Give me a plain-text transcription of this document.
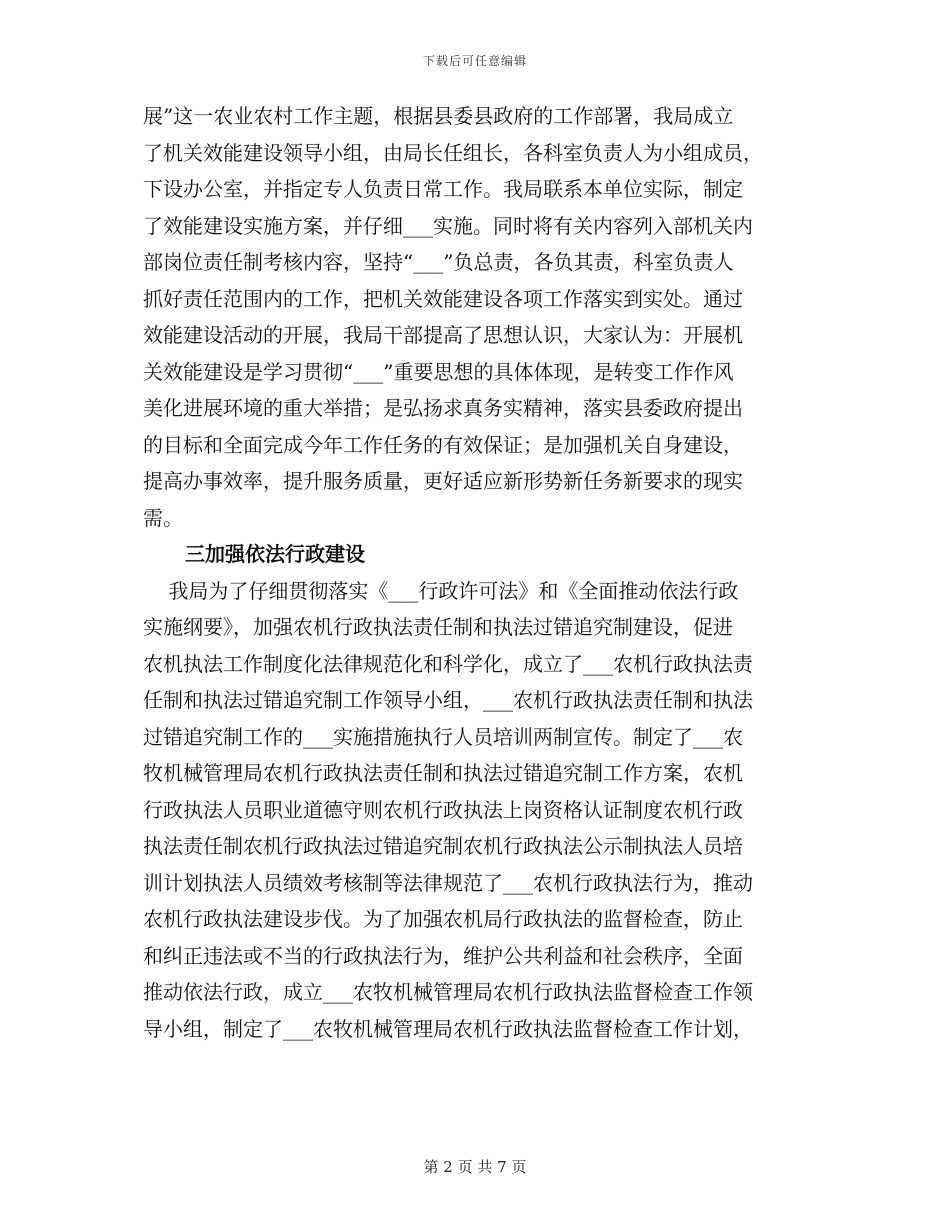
下载后可任意编辑
展”这一农业农村工作主题，根据县委县政府的工作部署，我局成立
了机关效能建设领导小组，由局长任组长，各科室负责人为小组成员，
下设办公室，并指定专人负责日常工作。我局联系本单位实际，制定
了效能建设实施方案，并仔细___实施。同时将有关内容列入部机关内
部岗位责任制考核内容，坚持“___”负总责，各负其责，科室负责人
抓好责任范围内的工作，把机关效能建设各项工作落实到实处。通过
效能建设活动的开展，我局干部提高了思想认识，大家认为：开展机
关效能建设是学习贯彻“___”重要思想的具体体现，是转变工作作风
美化进展环境的重大举措；是弘扬求真务实精神，落实县委政府提出
的目标和全面完成今年工作任务的有效保证；是加强机关自身建设，
提高办事效率，提升服务质量，更好适应新形势新任务新要求的现实
需。
三加强依法行政建设
我局为了仔细贯彻落实《___行政许可法》和《全面推动依法行政
实施纲要》，加强农机行政执法责任制和执法过错追究制建设，促进
农机执法工作制度化法律规范化和科学化，成立了___农机行政执法责
任制和执法过错追究制工作领导小组，___农机行政执法责任制和执法
过错追究制工作的___实施措施执行人员培训两制宣传。制定了___农
牧机械管理局农机行政执法责任制和执法过错追究制工作方案，农机
行政执法人员职业道德守则农机行政执法上岗资格认证制度农机行政
执法责任制农机行政执法过错追究制农机行政执法公示制执法人员培
训计划执法人员绩效考核制等法律规范了___农机行政执法行为，推动
农机行政执法建设步伐。为了加强农机局行政执法的监督检查，防止
和纠正违法或不当的行政执法行为，维护公共利益和社会秩序，全面
推动依法行政，成立___农牧机械管理局农机行政执法监督检查工作领
导小组，制定了___农牧机械管理局农机行政执法监督检查工作计划，
第 2 页 共 7 页
